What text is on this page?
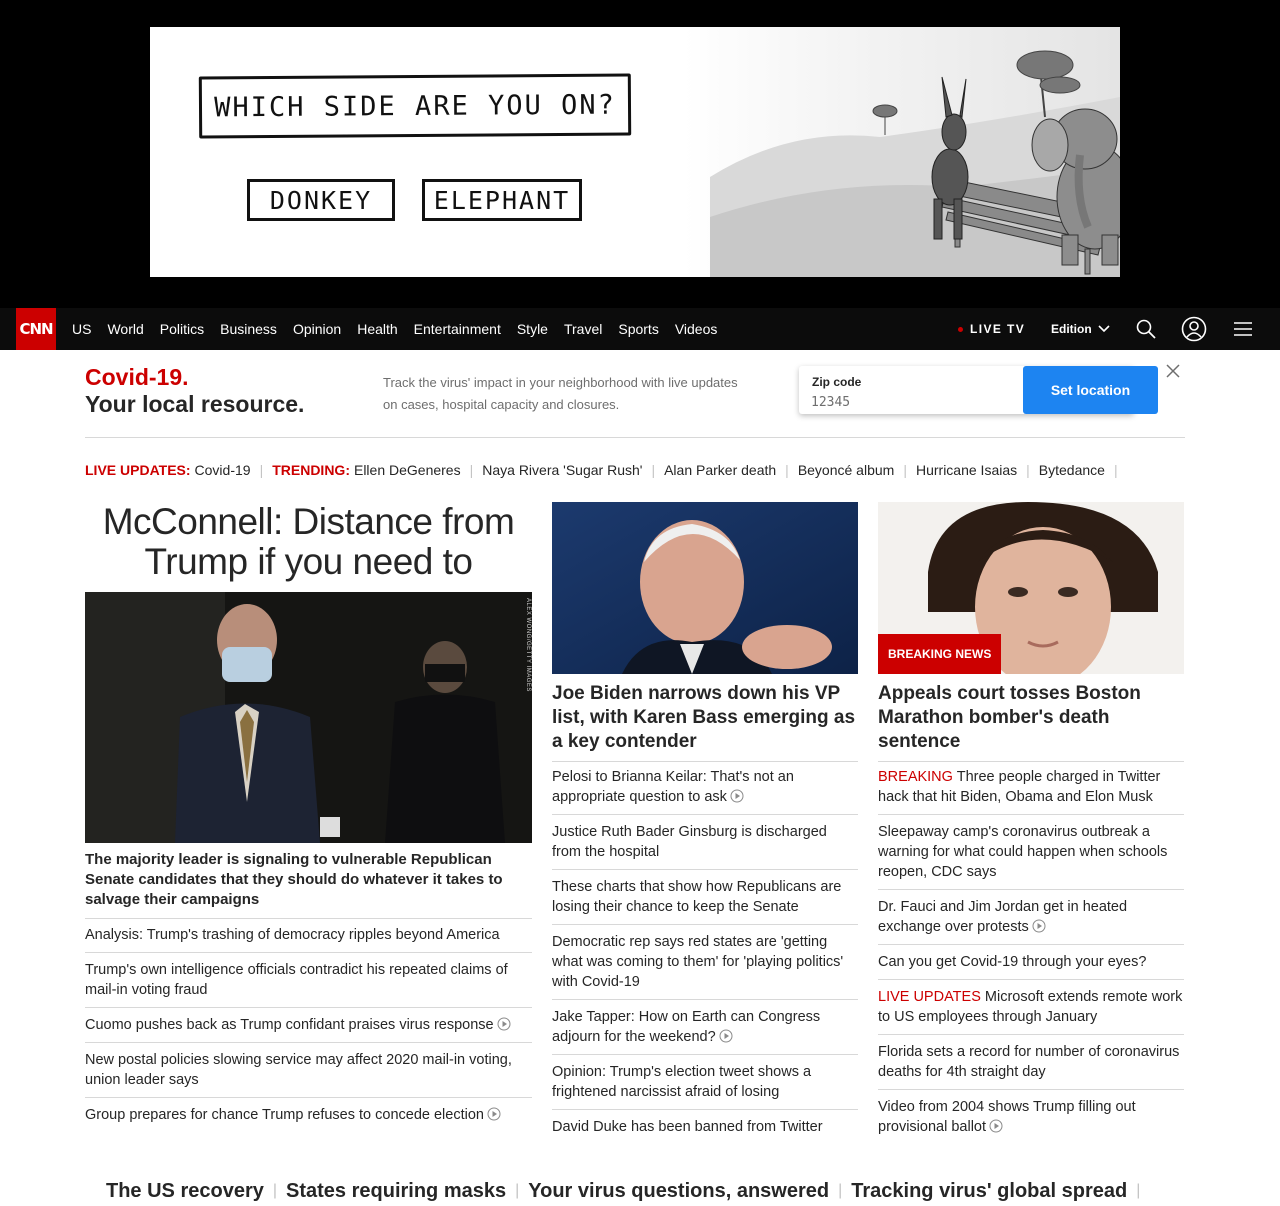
WHICH SIDE ARE YOU ON?
DONKEY	ELEPHANT
CNN US World Politics Business Opinion Health Entertainment Style Travel Sports Videos	LIVE TV Edition
Covid-19.
Your local resource.
Track the virus' impact in your neighborhood with live updates on cases, hospital capacity and closures.
Zip code
12345	Set location
LIVE UPDATES: Covid-19 | TRENDING: Ellen DeGeneres | Naya Rivera 'Sugar Rush' | Alan Parker death | Beyoncé album | Hurricane Isaias | Bytedance |
McConnell: Distance from Trump if you need to
ALEX WONG/GETTY IMAGES
The majority leader is signaling to vulnerable Republican Senate candidates that they should do whatever it takes to salvage their campaigns
Analysis: Trump's trashing of democracy ripples beyond America
Trump's own intelligence officials contradict his repeated claims of mail-in voting fraud
Cuomo pushes back as Trump confidant praises virus response
New postal policies slowing service may affect 2020 mail-in voting, union leader says
Group prepares for chance Trump refuses to concede election
Joe Biden narrows down his VP list, with Karen Bass emerging as a key contender
Pelosi to Brianna Keilar: That's not an appropriate question to ask
Justice Ruth Bader Ginsburg is discharged from the hospital
These charts that show how Republicans are losing their chance to keep the Senate
Democratic rep says red states are 'getting what was coming to them' for 'playing politics' with Covid-19
Jake Tapper: How on Earth can Congress adjourn for the weekend?
Opinion: Trump's election tweet shows a frightened narcissist afraid of losing
David Duke has been banned from Twitter
BREAKING NEWS
Appeals court tosses Boston Marathon bomber's death sentence
BREAKING Three people charged in Twitter hack that hit Biden, Obama and Elon Musk
Sleepaway camp's coronavirus outbreak a warning for what could happen when schools reopen, CDC says
Dr. Fauci and Jim Jordan get in heated exchange over protests
Can you get Covid-19 through your eyes?
LIVE UPDATES Microsoft extends remote work to US employees through January
Florida sets a record for number of coronavirus deaths for 4th straight day
Video from 2004 shows Trump filling out provisional ballot
The US recovery | States requiring masks | Your virus questions, answered | Tracking virus' global spread |
